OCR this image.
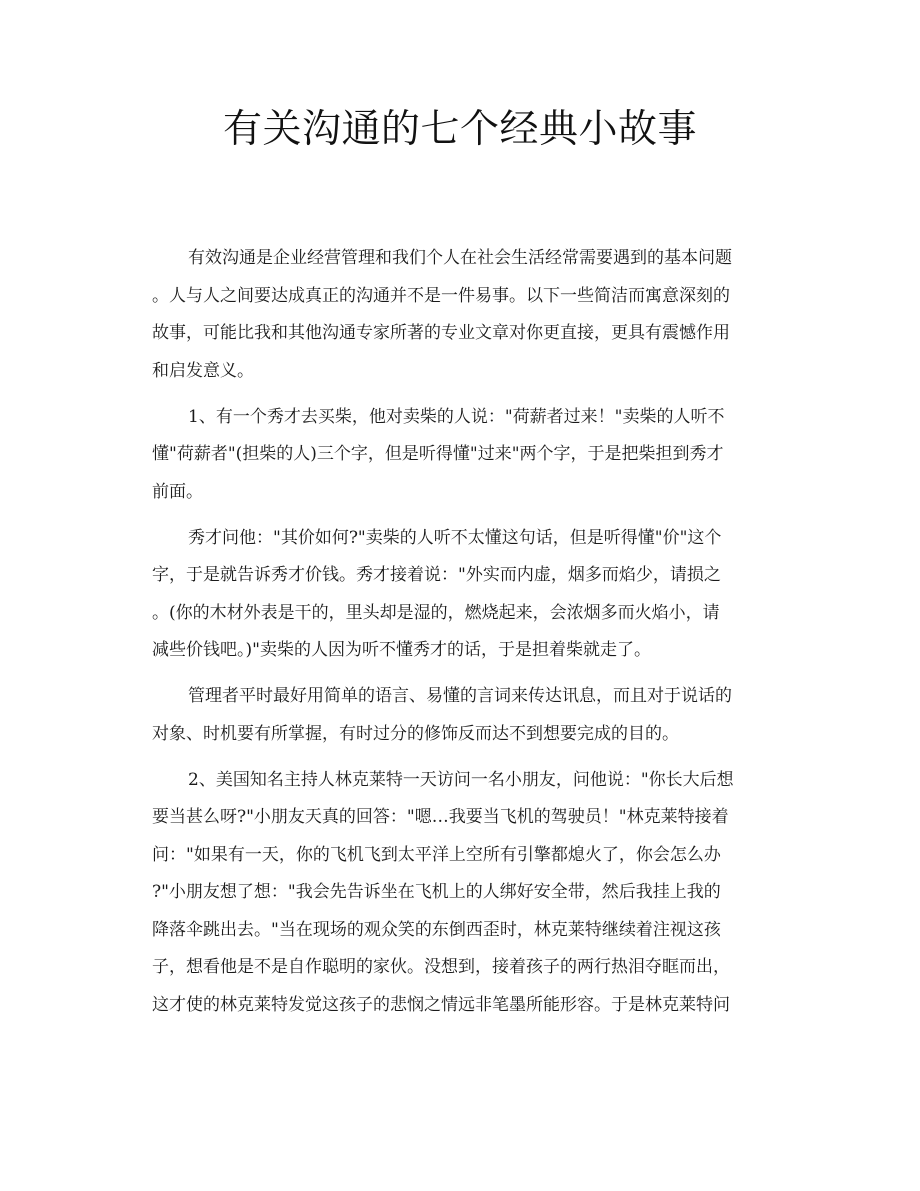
有关沟通的七个经典小故事

有效沟通是企业经营管理和我们个人在社会生活经常需要遇到的基本问题
。人与人之间要达成真正的沟通并不是一件易事。以下一些简洁而寓意深刻的
故事，可能比我和其他沟通专家所著的专业文章对你更直接，更具有震憾作用
和启发意义。

1、有一个秀才去买柴，他对卖柴的人说："荷薪者过来！"卖柴的人听不
懂"荷薪者"(担柴的人)三个字，但是听得懂"过来"两个字，于是把柴担到秀才
前面。

秀才问他："其价如何?"卖柴的人听不太懂这句话，但是听得懂"价"这个
字，于是就告诉秀才价钱。秀才接着说："外实而内虚，烟多而焰少，请损之
。(你的木材外表是干的，里头却是湿的，燃烧起来，会浓烟多而火焰小，请
减些价钱吧。)"卖柴的人因为听不懂秀才的话，于是担着柴就走了。

管理者平时最好用简单的语言、易懂的言词来传达讯息，而且对于说话的
对象、时机要有所掌握，有时过分的修饰反而达不到想要完成的目的。

2、美国知名主持人林克莱特一天访问一名小朋友，问他说："你长大后想
要当甚么呀?"小朋友天真的回答："嗯…我要当飞机的驾驶员！"林克莱特接着
问："如果有一天，你的飞机飞到太平洋上空所有引擎都熄火了，你会怎么办
?"小朋友想了想："我会先告诉坐在飞机上的人绑好安全带，然后我挂上我的
降落伞跳出去。"当在现场的观众笑的东倒西歪时，林克莱特继续着注视这孩
子，想看他是不是自作聪明的家伙。没想到，接着孩子的两行热泪夺眶而出，
这才使的林克莱特发觉这孩子的悲悯之情远非笔墨所能形容。于是林克莱特问
